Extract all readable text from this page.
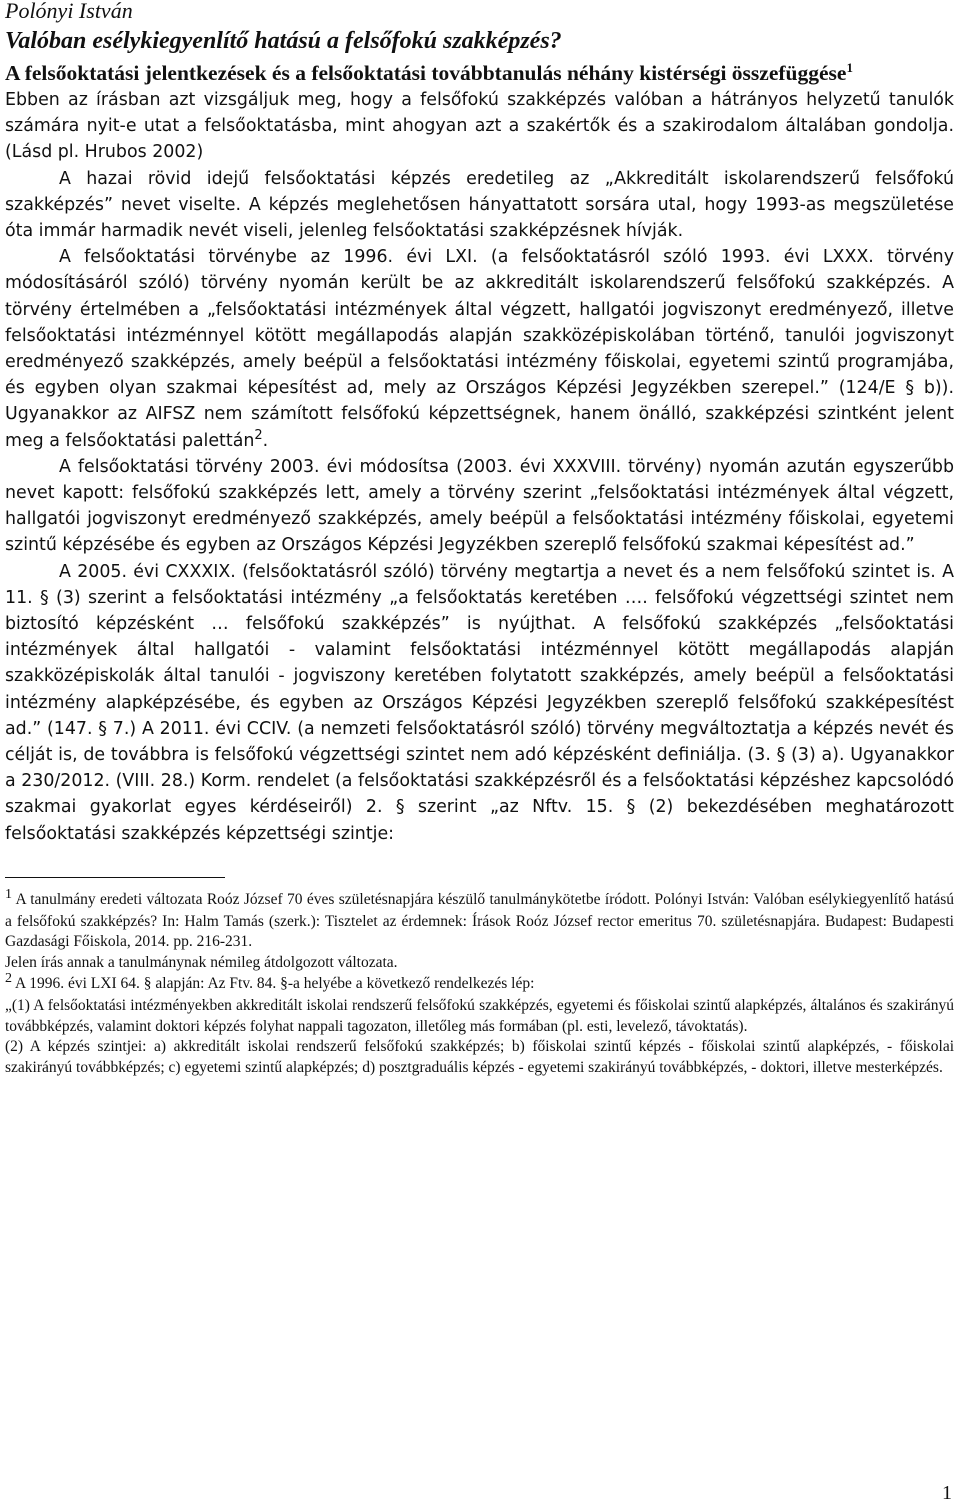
Polónyi István
Valóban esélykiegyenlítő hatású a felsőfokú szakképzés?
A felsőoktatási jelentkezések és a felsőoktatási továbbtanulás néhány kistérségi összefüggése$^1$

Ebben az írásban azt vizsgáljuk meg, hogy a felsőfokú szakképzés valóban a hátrányos helyzetű tanulók számára nyit-e utat a felsőoktatásba, mint ahogyan azt a szakértők és a szakirodalom általában gondolja. (Lásd pl. Hrubos 2002)

A hazai rövid idejű felsőoktatási képzés eredetileg az „Akkreditált iskolarendszerű felsőfokú szakképzés” nevet viselte. A képzés meglehetősen hányattatott sorsára utal, hogy 1993-as megszületése óta immár harmadik nevét viseli, jelenleg felsőoktatási szakképzésnek hívják.

A felsőoktatási törvénybe az 1996. évi LXI. (a felsőoktatásról szóló 1993. évi LXXX. törvény módosításáról szóló) törvény nyomán került be az akkreditált iskolarendszerű felsőfokú szakképzés. A törvény értelmében a „felsőoktatási intézmények által végzett, hallgatói jogviszonyt eredményező, illetve felsőoktatási intézménnyel kötött megállapodás alapján szakközépiskolában történő, tanulói jogviszonyt eredményező szakképzés, amely beépül a felsőoktatási intézmény főiskolai, egyetemi szintű programjába, és egyben olyan szakmai képesítést ad, mely az Országos Képzési Jegyzékben szerepel.” (124/E § b)). Ugyanakkor az AIFSZ nem számított felsőfokú képzettségnek, hanem önálló, szakképzési szintként jelent meg a felsőoktatási palettán$^2$.

A felsőoktatási törvény 2003. évi módosítsa (2003. évi XXXVIII. törvény) nyomán azután egyszerűbb nevet kapott: felsőfokú szakképzés lett, amely a törvény szerint „felsőoktatási intézmények által végzett, hallgatói jogviszonyt eredményező szakképzés, amely beépül a felsőoktatási intézmény főiskolai, egyetemi szintű képzésébe és egyben az Országos Képzési Jegyzékben szereplő felsőfokú szakmai képesítést ad.”

A 2005. évi CXXXIX. (felsőoktatásról szóló) törvény megtartja a nevet és a nem felsőfokú szintet is. A 11. § (3) szerint a felsőoktatási intézmény „a felsőoktatás keretében …. felsőfokú végzettségi szintet nem biztosító képzésként … felsőfokú szakképzés” is nyújthat. A felsőfokú szakképzés „felsőoktatási intézmények által hallgatói - valamint felsőoktatási intézménnyel kötött megállapodás alapján szakközépiskolák által tanulói - jogviszony keretében folytatott szakképzés, amely beépül a felsőoktatási intézmény alapképzésébe, és egyben az Országos Képzési Jegyzékben szereplő felsőfokú szakképesítést ad.” (147. § 7.) A 2011. évi CCIV. (a nemzeti felsőoktatásról szóló) törvény megváltoztatja a képzés nevét és célját is, de továbbra is felsőfokú végzettségi szintet nem adó képzésként definiálja. (3. § (3) a). Ugyanakkor a 230/2012. (VIII. 28.) Korm. rendelet (a felsőoktatási szakképzésről és a felsőoktatási képzéshez kapcsolódó szakmai gyakorlat egyes kérdéseiről) 2. § szerint „az Nftv. 15. § (2) bekezdésében meghatározott felsőoktatási szakképzés képzettségi szintje:

1 A tanulmány eredeti változata Roóz József 70 éves születésnapjára készülő tanulmánykötetbe íródott. Polónyi István: Valóban esélykiegyenlítő hatású a felsőfokú szakképzés? In: Halm Tamás (szerk.): Tisztelet az érdemnek: Írások Roóz József rector emeritus 70. születésnapjára. Budapest: Budapesti Gazdasági Főiskola, 2014. pp. 216-231.

Jelen írás annak a tanulmánynak némileg átdolgozott változata.

2 A 1996. évi LXI 64. § alapján: Az Ftv. 84. §-a helyébe a következő rendelkezés lép:

„(1) A felsőoktatási intézményekben akkreditált iskolai rendszerű felsőfokú szakképzés, egyetemi és főiskolai szintű alapképzés, általános és szakirányú továbbképzés, valamint doktori képzés folyhat nappali tagozaton, illetőleg más formában (pl. esti, levelező, távoktatás).

(2) A képzés szintjei: a) akkreditált iskolai rendszerű felsőfokú szakképzés; b) főiskolai szintű képzés - főiskolai szintű alapképzés, - főiskolai szakirányú továbbképzés; c) egyetemi szintű alapképzés; d) posztgraduális képzés - egyetemi szakirányú továbbképzés, - doktori, illetve mesterképzés.

1
